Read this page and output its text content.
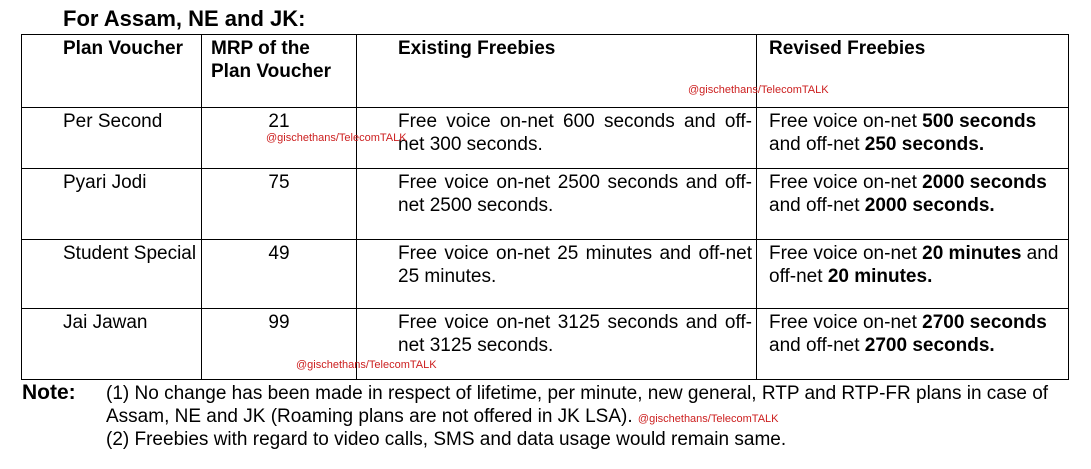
For Assam, NE and JK:
Plan Voucher	MRP of the Plan Voucher	Existing Freebies	Revised Freebies
Per Second	21	Free voice on-net 600 seconds and off-net 300 seconds.	Free voice on-net 500 seconds and off-net 250 seconds.
Pyari Jodi	75	Free voice on-net 2500 seconds and off-net 2500 seconds.	Free voice on-net 2000 seconds and off-net 2000 seconds.
Student Special	49	Free voice on-net 25 minutes and off-net 25 minutes.	Free voice on-net 20 minutes and off-net 20 minutes.
Jai Jawan	99	Free voice on-net 3125 seconds and off-net 3125 seconds.	Free voice on-net 2700 seconds and off-net 2700 seconds.
@gischethans/TelecomTALK
@gischethans/TelecomTALK
@gischethans/TelecomTALK
Note: (1) No change has been made in respect of lifetime, per minute, new general, RTP and RTP-FR plans in case of Assam, NE and JK (Roaming plans are not offered in JK LSA). @gischethans/TelecomTALK
(2) Freebies with regard to video calls, SMS and data usage would remain same.
